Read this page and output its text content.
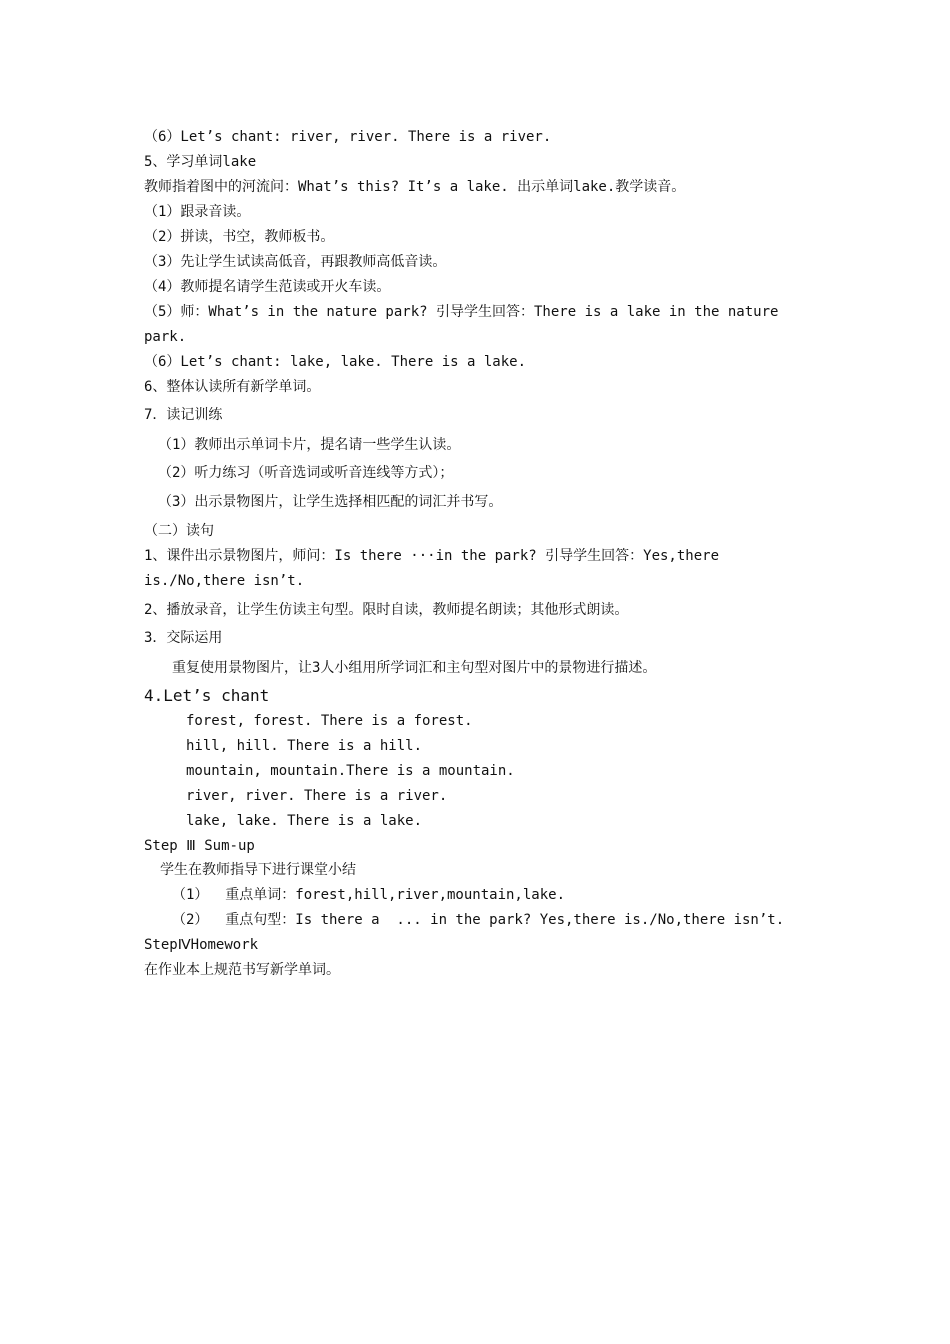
（6）Let’s chant: river, river. There is a river.
5、学习单词lake
教师指着图中的河流问：What’s this? It’s a lake. 出示单词lake.教学读音。
（1）跟录音读。
（2）拼读，书空，教师板书。
（3）先让学生试读高低音，再跟教师高低音读。
（4）教师提名请学生范读或开火车读。
（5）师：What’s in the nature park? 引导学生回答：There is a lake in the nature
park.
（6）Let’s chant: lake, lake. There is a lake.
6、整体认读所有新学单词。
7．读记训练
（1）教师出示单词卡片，提名请一些学生认读。
（2）听力练习（听音选词或听音连线等方式）；
（3）出示景物图片，让学生选择相匹配的词汇并书写。
（二）读句
1、课件出示景物图片，师问：Is there ···in the park? 引导学生回答：Yes,there
is./No,there isn’t.
2、播放录音，让学生仿读主句型。限时自读，教师提名朗读；其他形式朗读。
3．交际运用
重复使用景物图片，让3人小组用所学词汇和主句型对图片中的景物进行描述。
4.Let’s chant
forest, forest. There is a forest.
hill, hill. There is a hill.
mountain, mountain.There is a mountain.
river, river. There is a river.
lake, lake. There is a lake.
Step Ⅲ Sum-up
学生在教师指导下进行课堂小结
（1）  重点单词：forest,hill,river,mountain,lake.
（2）  重点句型：Is there a  ... in the park? Yes,there is./No,there isn’t.
StepⅣHomework
在作业本上规范书写新学单词。
